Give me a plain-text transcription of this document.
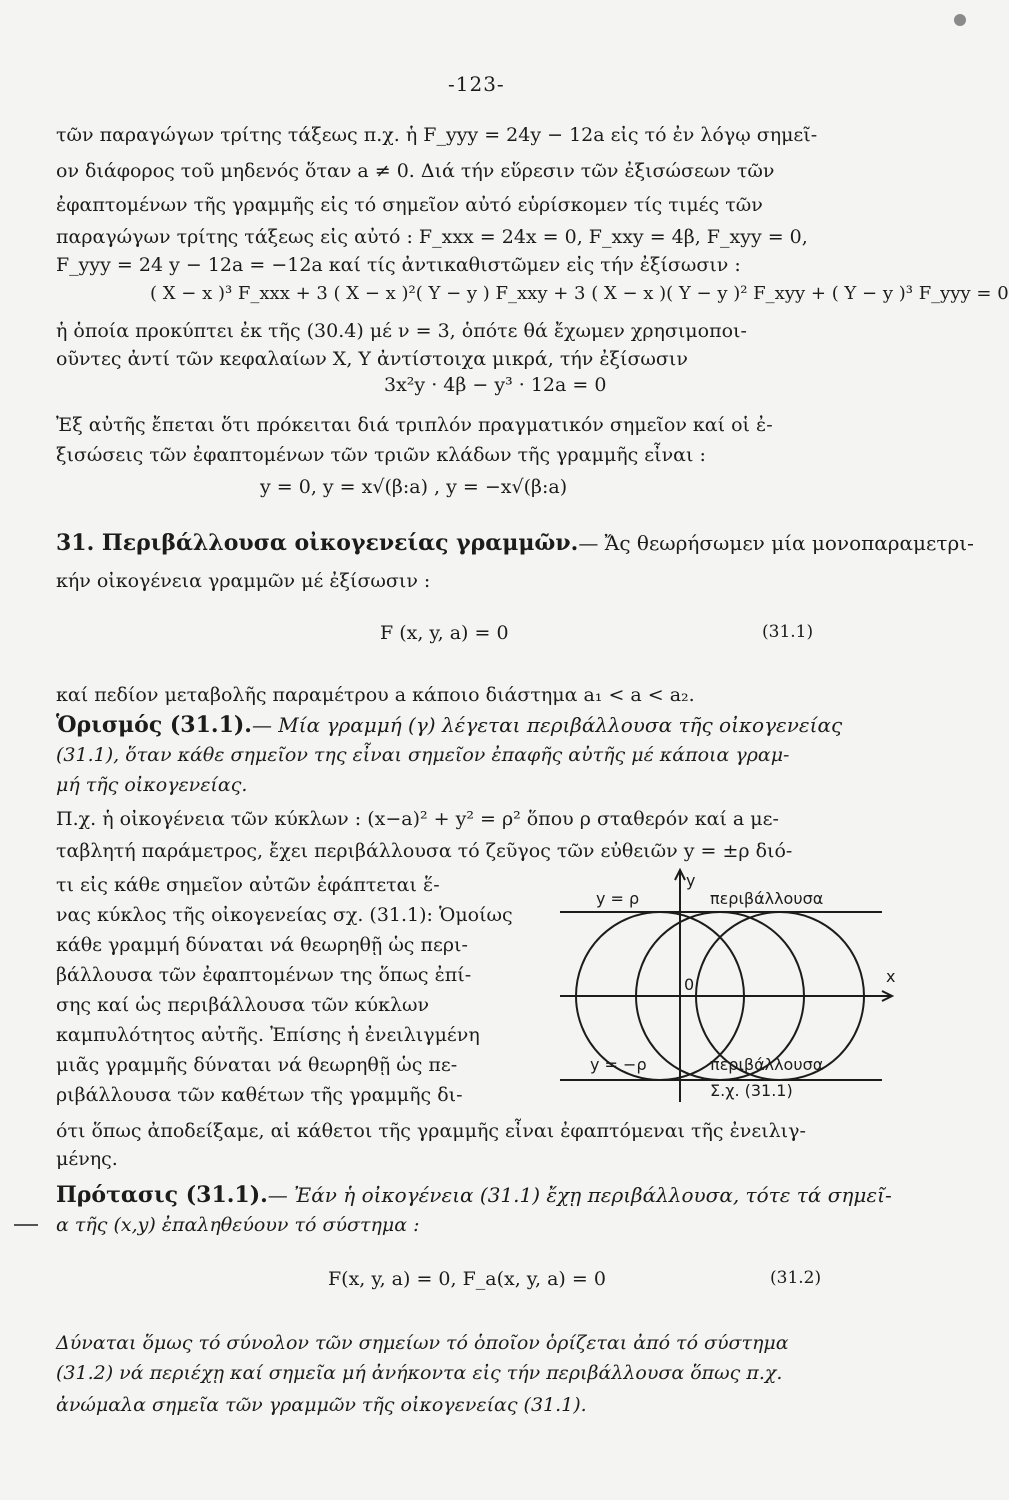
-123-
τῶν παραγώγων τρίτης τάξεως π.χ. ἡ F_yyy = 24y − 12a εἰς τό ἐν λόγῳ σημεῖ-
ον διάφορος τοῦ μηδενός ὅταν a ≠ 0. Διά τήν εὕρεσιν τῶν ἐξισώσεων τῶν
ἐφαπτομένων τῆς γραμμῆς εἰς τό σημεῖον αὐτό εὑρίσκομεν τίς τιμές τῶν
παραγώγων τρίτης τάξεως εἰς αὐτό : F_xxx = 24x = 0, F_xxy = 4β, F_xyy = 0,
F_yyy = 24 y − 12a = −12a καί τίς ἀντικαθιστῶμεν εἰς τήν ἐξίσωσιν :
( X − x )³ F_xxx + 3 ( X − x )²( Y − y ) F_xxy + 3 ( X − x )( Y − y )² F_xyy + ( Y − y )³ F_yyy = 0
ἡ ὁποία προκύπτει ἐκ τῆς (30.4) μέ ν = 3, ὁπότε θά ἔχωμεν χρησιμοποι-
οῦντες ἀντί τῶν κεφαλαίων X, Y ἀντίστοιχα μικρά, τήν ἐξίσωσιν
3x²y · 4β − y³ · 12a = 0
Ἐξ αὐτῆς ἔπεται ὅτι πρόκειται διά τριπλόν πραγματικόν σημεῖον καί οἱ ἐ-
ξισώσεις τῶν ἐφαπτομένων τῶν τριῶν κλάδων τῆς γραμμῆς εἶναι :
y = 0, y = x√(β:a) , y = −x√(β:a)
31. Περιβάλλουσα οἰκογενείας γραμμῶν.— Ἄς θεωρήσωμεν μία μονοπαραμετρι-
κήν οἰκογένεια γραμμῶν μέ ἐξίσωσιν :
F (x, y, a) = 0	(31.1)
καί πεδίον μεταβολῆς παραμέτρου a κάποιο διάστημα a₁ < a < a₂.
Ὁρισμός (31.1).— Μία γραμμή (γ) λέγεται περιβάλλουσα τῆς οἰκογενείας
(31.1), ὅταν κάθε σημεῖον της εἶναι σημεῖον ἐπαφῆς αὐτῆς μέ κάποια γραμ-
μή τῆς οἰκογενείας.
Π.χ. ἡ οἰκογένεια τῶν κύκλων : (x−a)² + y² = ρ² ὅπου ρ σταθερόν καί a με-
ταβλητή παράμετρος, ἔχει περιβάλλουσα τό ζεῦγος τῶν εὐθειῶν y = ±ρ διό-
τι εἰς κάθε σημεῖον αὐτῶν ἐφάπτεται ἕ-
νας κύκλος τῆς οἰκογενείας σχ. (31.1): Ὁμοίως
κάθε γραμμή δύναται νά θεωρηθῇ ὡς περι-
βάλλουσα τῶν ἐφαπτομένων της ὅπως ἐπί-
σης καί ὡς περιβάλλουσα τῶν κύκλων
καμπυλότητος αὐτῆς. Ἐπίσης ἡ ἐνειλιγμένη
μιᾶς γραμμῆς δύναται νά θεωρηθῇ ὡς πε-
ριβάλλουσα τῶν καθέτων τῆς γραμμῆς δι-
ότι ὅπως ἀποδείξαμε, αἱ κάθετοι τῆς γραμμῆς εἶναι ἐφαπτόμεναι τῆς ἐνειλιγ-
μένης.
y
x
0
y = ρ	περιβάλλουσα
y = −ρ	περιβάλλουσα
Σ.χ. (31.1)
Πρότασις (31.1).— Ἐάν ἡ οἰκογένεια (31.1) ἔχῃ περιβάλλουσα, τότε τά σημεῖ-
α τῆς (x,y) ἐπαληθεύουν τό σύστημα :
F(x, y, a) = 0, F_a(x, y, a) = 0	(31.2)
Δύναται ὅμως τό σύνολον τῶν σημείων τό ὁποῖον ὁρίζεται ἀπό τό σύστημα
(31.2) νά περιέχῃ καί σημεῖα μή ἀνήκοντα εἰς τήν περιβάλλουσα ὅπως π.χ.
ἀνώμαλα σημεῖα τῶν γραμμῶν τῆς οἰκογενείας (31.1).
